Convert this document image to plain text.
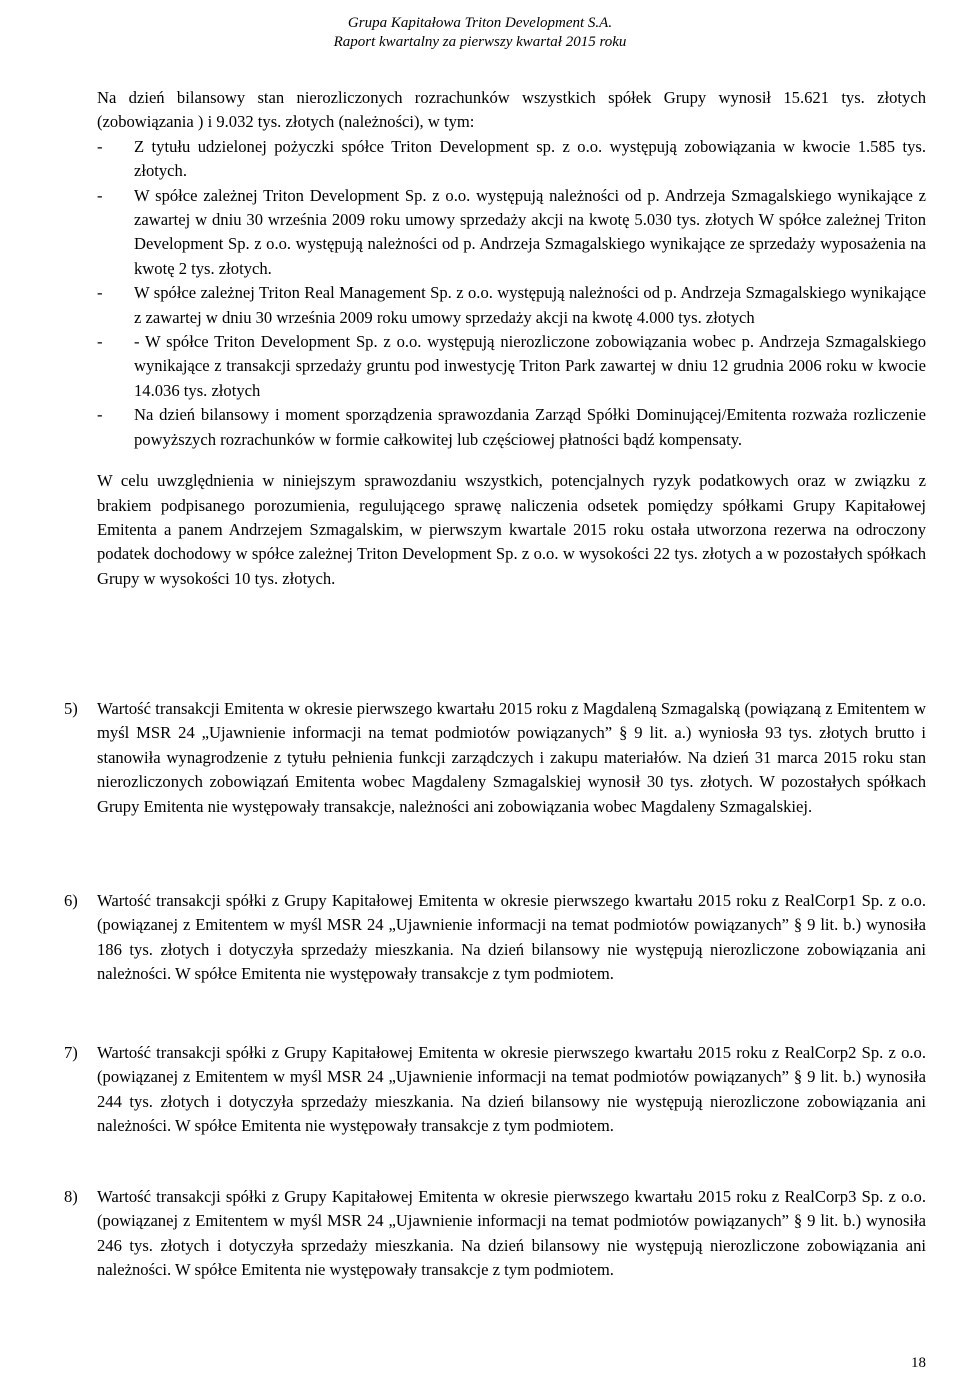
Grupa Kapitałowa Triton Development S.A.
Raport kwartalny za pierwszy kwartał 2015 roku
Na dzień bilansowy stan nierozliczonych rozrachunków wszystkich spółek Grupy wynosił 15.621 tys. złotych (zobowiązania ) i 9.032 tys. złotych (należności), w tym:
- Z tytułu udzielonej pożyczki spółce Triton Development sp. z o.o. występują zobowiązania w kwocie 1.585 tys. złotych.
- W spółce zależnej Triton Development Sp. z o.o. występują należności od p. Andrzeja Szmagalskiego wynikające z zawartej w dniu 30 września 2009 roku umowy sprzedaży akcji na kwotę 5.030 tys. złotych W spółce zależnej Triton Development Sp. z o.o. występują należności od p. Andrzeja Szmagalskiego wynikające ze sprzedaży wyposażenia na kwotę 2 tys. złotych.
- W spółce zależnej Triton Real Management Sp. z o.o. występują należności od p. Andrzeja Szmagalskiego wynikające z zawartej w dniu 30 września 2009 roku umowy sprzedaży akcji na kwotę 4.000 tys. złotych
- - W spółce Triton Development Sp. z o.o. występują nierozliczone zobowiązania wobec p. Andrzeja Szmagalskiego wynikające z transakcji sprzedaży gruntu pod inwestycję Triton Park zawartej w dniu 12 grudnia 2006 roku w kwocie 14.036 tys. złotych
- Na dzień bilansowy i moment sporządzenia sprawozdania Zarząd Spółki Dominującej/Emitenta rozważa rozliczenie powyższych rozrachunków w formie całkowitej lub częściowej płatności bądź kompensaty.
W celu uwzględnienia w niniejszym sprawozdaniu wszystkich, potencjalnych ryzyk podatkowych oraz w związku z brakiem podpisanego porozumienia, regulującego sprawę naliczenia odsetek pomiędzy spółkami Grupy Kapitałowej Emitenta a panem Andrzejem Szmagalskim, w pierwszym kwartale 2015 roku ostała utworzona rezerwa na odroczony podatek dochodowy w spółce zależnej Triton Development Sp. z o.o. w wysokości 22 tys. złotych a w pozostałych spółkach Grupy w wysokości 10 tys. złotych.
5) Wartość transakcji Emitenta w okresie pierwszego kwartału 2015 roku z Magdaleną Szmagalską (powiązaną z Emitentem w myśl MSR 24 „Ujawnienie informacji na temat podmiotów powiązanych” § 9 lit. a.) wyniosła 93 tys. złotych brutto i stanowiła wynagrodzenie z tytułu pełnienia funkcji zarządczych i zakupu materiałów. Na dzień 31 marca 2015 roku stan nierozliczonych zobowiązań Emitenta wobec Magdaleny Szmagalskiej wynosił 30 tys. złotych. W pozostałych spółkach Grupy Emitenta nie występowały transakcje, należności ani zobowiązania wobec Magdaleny Szmagalskiej.
6) Wartość transakcji spółki z Grupy Kapitałowej Emitenta w okresie pierwszego kwartału 2015 roku z RealCorp1 Sp. z o.o. (powiązanej z Emitentem w myśl MSR 24 „Ujawnienie informacji na temat podmiotów powiązanych” § 9 lit. b.) wynosiła 186 tys. złotych i dotyczyła sprzedaży mieszkania. Na dzień bilansowy nie występują nierozliczone zobowiązania ani należności. W spółce Emitenta nie występowały transakcje z tym podmiotem.
7) Wartość transakcji spółki z Grupy Kapitałowej Emitenta w okresie pierwszego kwartału 2015 roku z RealCorp2 Sp. z o.o. (powiązanej z Emitentem w myśl MSR 24 „Ujawnienie informacji na temat podmiotów powiązanych” § 9 lit. b.) wynosiła 244 tys. złotych i dotyczyła sprzedaży mieszkania. Na dzień bilansowy nie występują nierozliczone zobowiązania ani należności. W spółce Emitenta nie występowały transakcje z tym podmiotem.
8) Wartość transakcji spółki z Grupy Kapitałowej Emitenta w okresie pierwszego kwartału 2015 roku z RealCorp3 Sp. z o.o. (powiązanej z Emitentem w myśl MSR 24 „Ujawnienie informacji na temat podmiotów powiązanych” § 9 lit. b.) wynosiła 246 tys. złotych i dotyczyła sprzedaży mieszkania. Na dzień bilansowy nie występują nierozliczone zobowiązania ani należności. W spółce Emitenta nie występowały transakcje z tym podmiotem.
18
